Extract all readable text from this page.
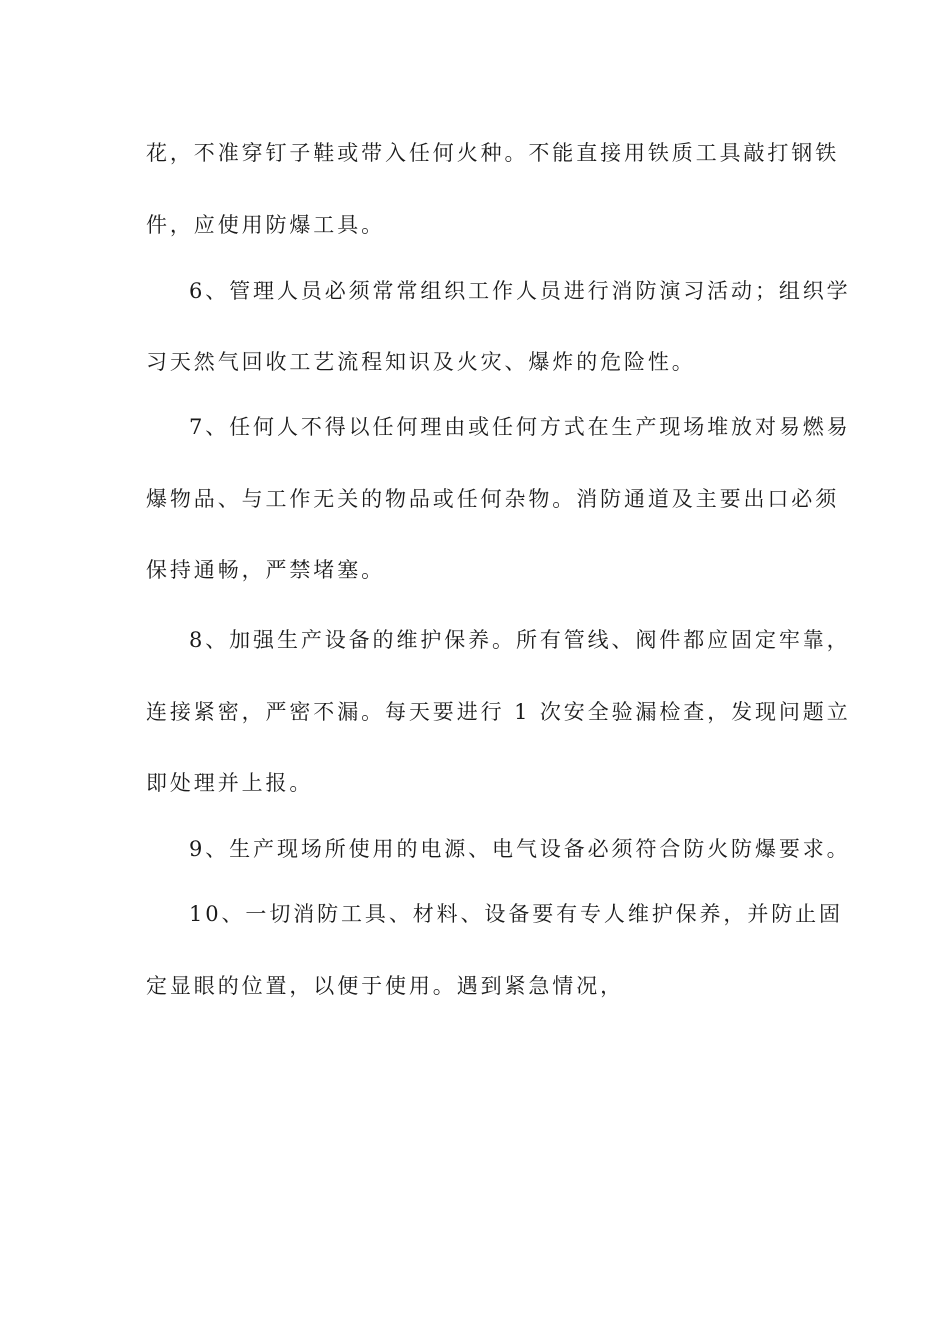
花，不准穿钉子鞋或带入任何火种。不能直接用铁质工具敲打钢铁
件，应使用防爆工具。
6、管理人员必须常常组织工作人员进行消防演习活动；组织学
习天然气回收工艺流程知识及火灾、爆炸的危险性。
7、任何人不得以任何理由或任何方式在生产现场堆放对易燃易
爆物品、与工作无关的物品或任何杂物。消防通道及主要出口必须
保持通畅，严禁堵塞。
8、加强生产设备的维护保养。所有管线、阀件都应固定牢靠，
连接紧密，严密不漏。每天要进行 1 次安全验漏检查，发现问题立
即处理并上报。
9、生产现场所使用的电源、电气设备必须符合防火防爆要求。
10、一切消防工具、材料、设备要有专人维护保养，并防止固
定显眼的位置，以便于使用。遇到紧急情况，
